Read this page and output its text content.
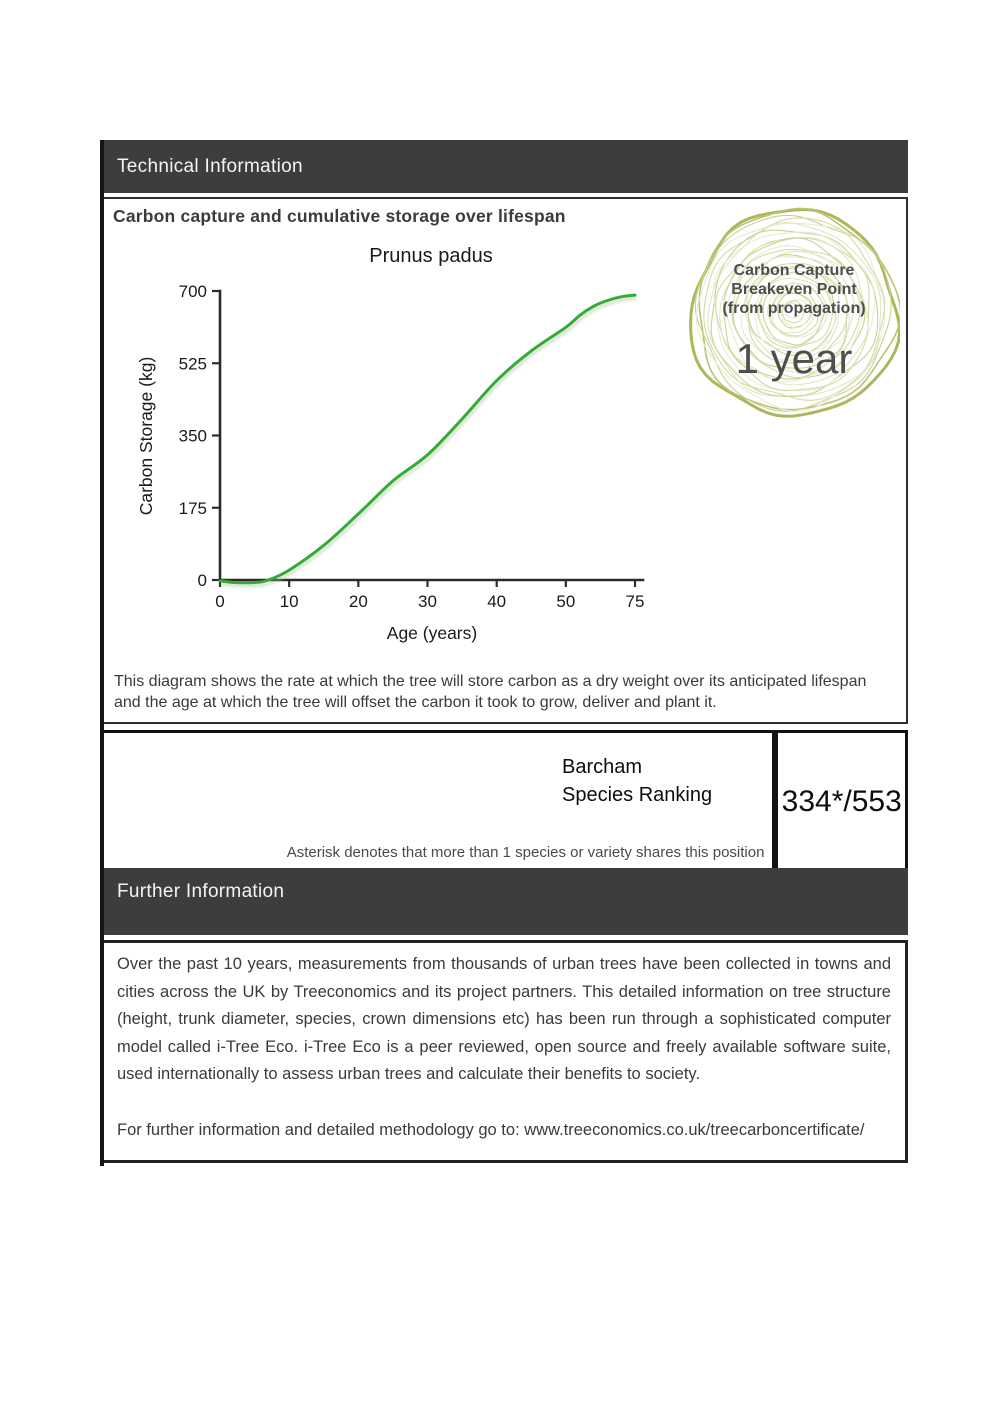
Technical Information
Carbon capture and cumulative storage over lifespan
Prunus padus
0
175
350
525
700
0	10	20	30	40	50	75
Carbon Storage (kg)
Age (years)
Carbon Capture
Breakeven Point
(from propagation)
1 year

This diagram shows the rate at which the tree will store carbon as a dry weight over its anticipated lifespan and the age at which the tree will offset the carbon it took to grow, deliver and plant it.

Barcham
Species Ranking
Asterisk denotes that more than 1 species or variety shares this position
334*/553
Further Information

Over the past 10 years, measurements from thousands of urban trees have been collected in towns and cities across the UK by Treeconomics and its project partners. This detailed information on tree structure (height, trunk diameter, species, crown dimensions etc) has been run through a sophisticated computer model called i-Tree Eco. i-Tree Eco is a peer reviewed, open source and freely available software suite, used internationally to assess urban trees and calculate their benefits to society.

For further information and detailed methodology go to: www.treeconomics.co.uk/treecarboncertificate/
